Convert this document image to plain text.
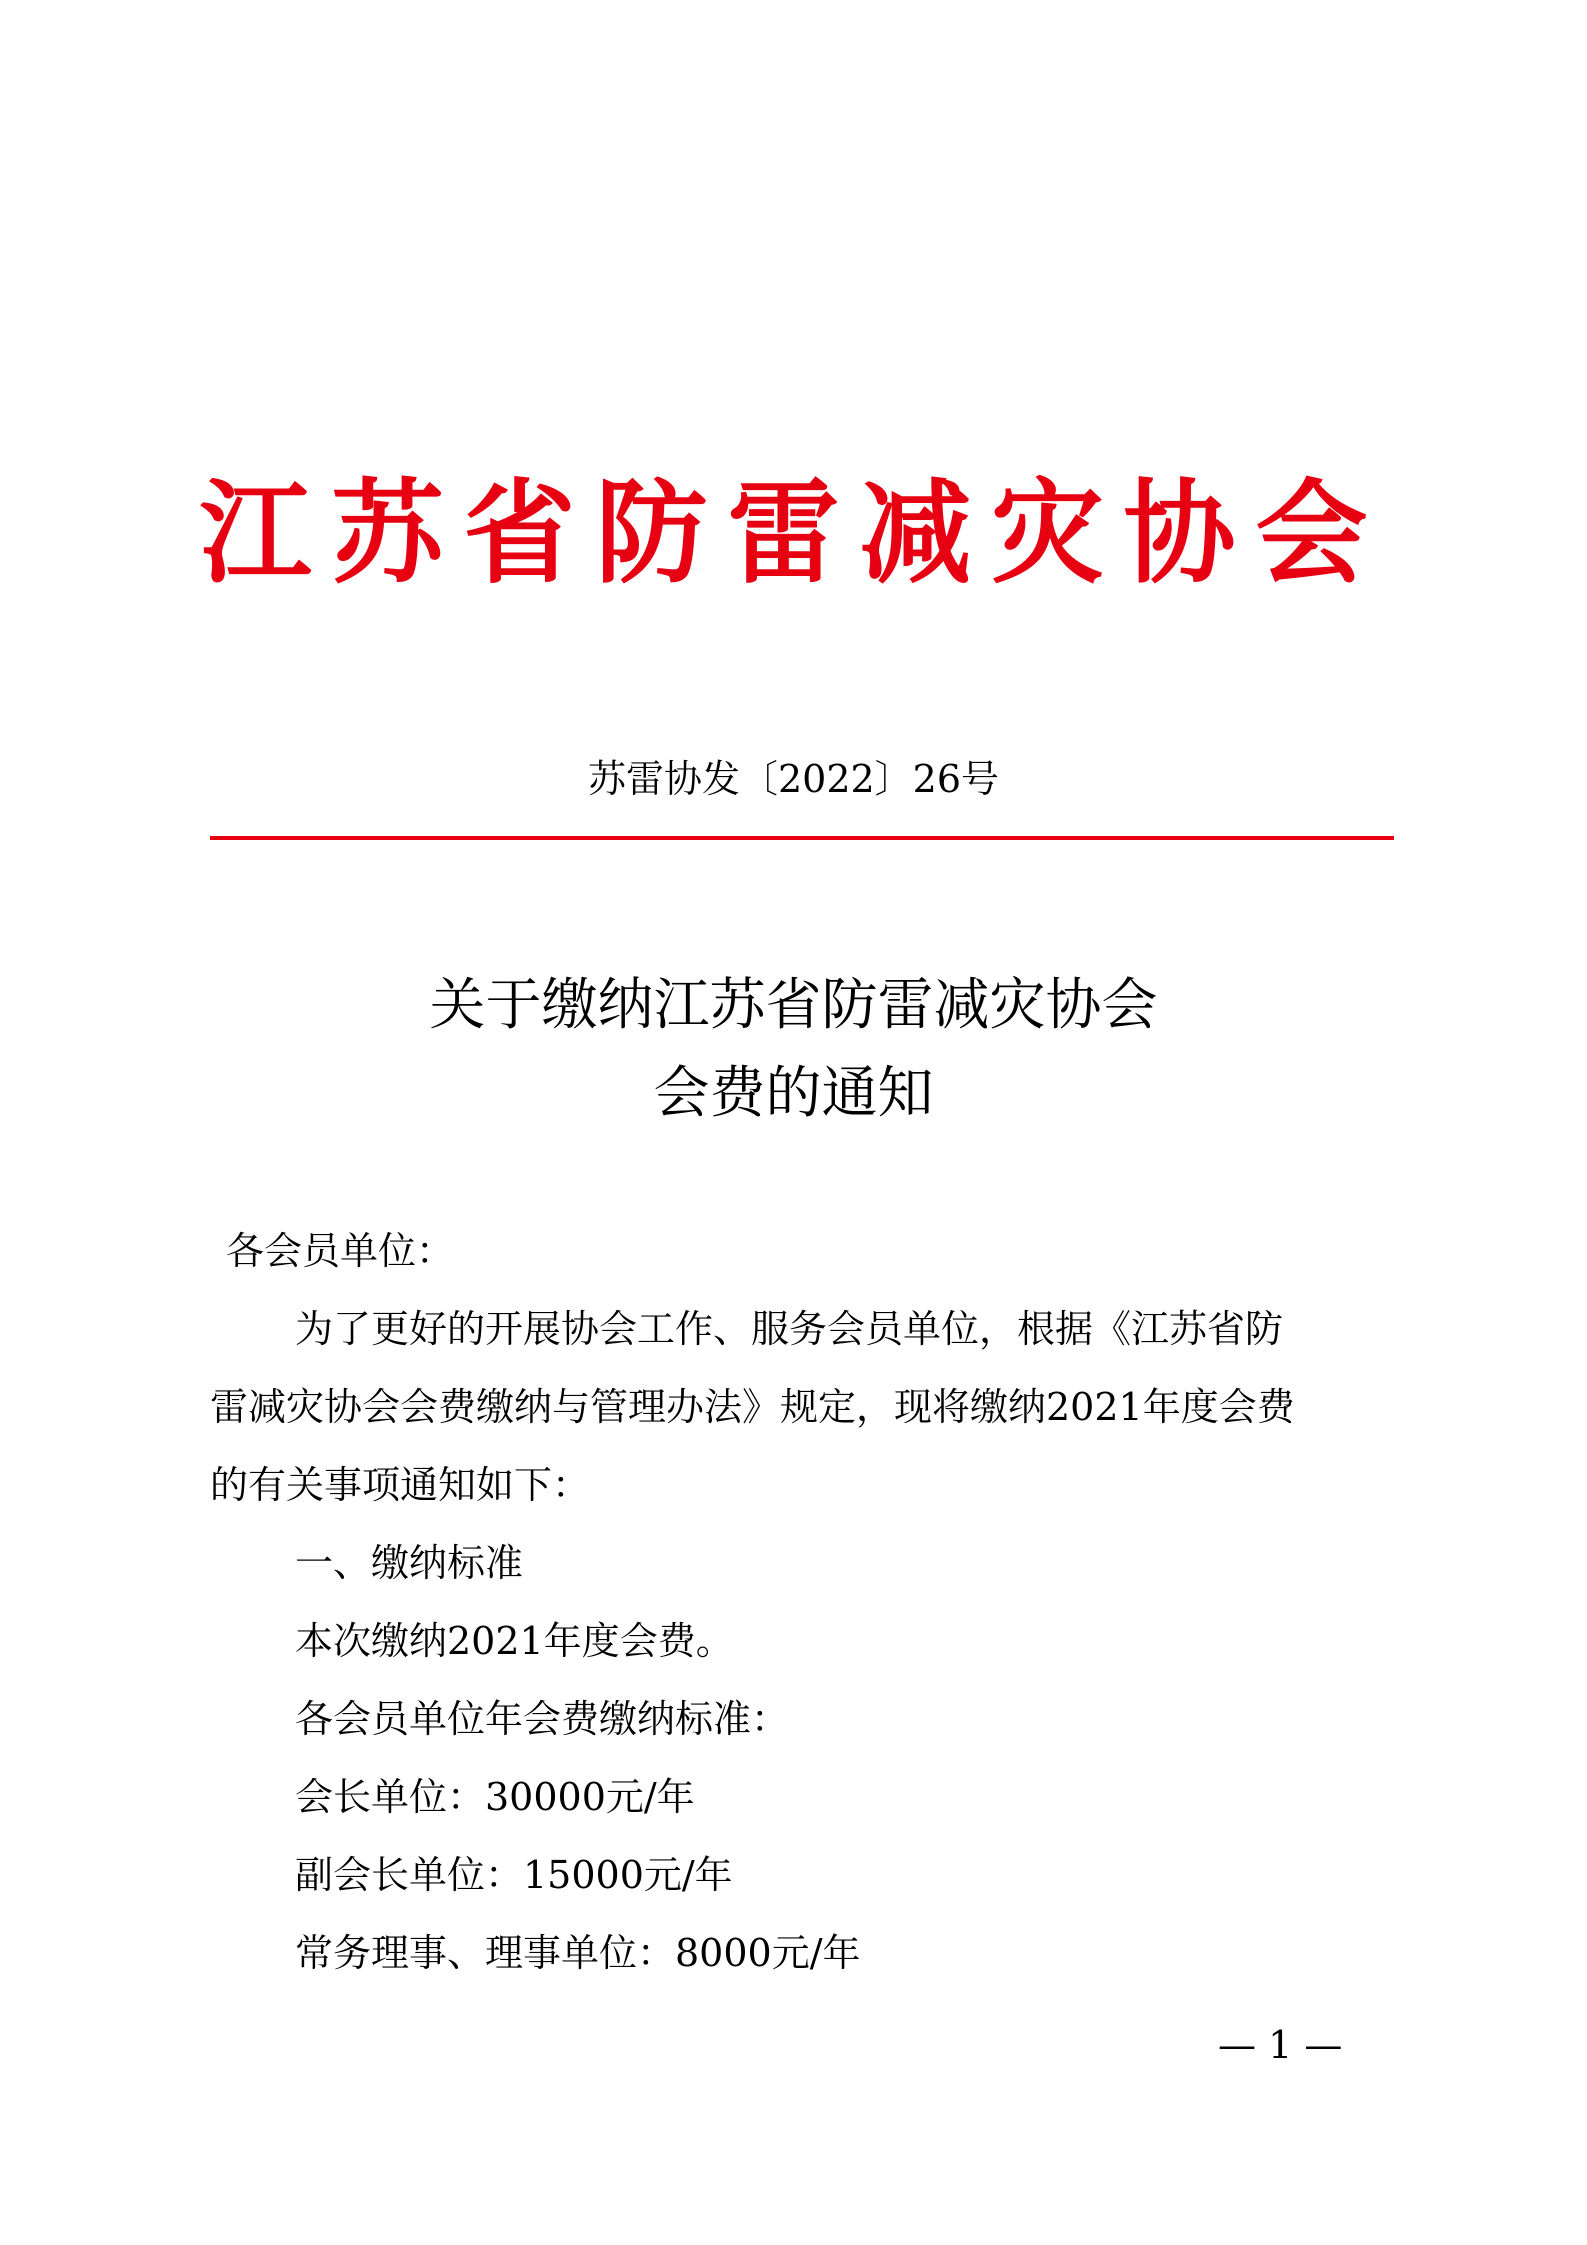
江苏省防雷减灾协会
苏雷协发〔2022〕26号
关于缴纳江苏省防雷减灾协会
会费的通知
各会员单位：
为了更好的开展协会工作、服务会员单位，根据《江苏省防
雷减灾协会会费缴纳与管理办法》规定，现将缴纳2021年度会费
的有关事项通知如下：
一、缴纳标准
本次缴纳2021年度会费。
各会员单位年会费缴纳标准：
会长单位：30000元/年
副会长单位：15000元/年
常务理事、理事单位：8000元/年
— 1 —
